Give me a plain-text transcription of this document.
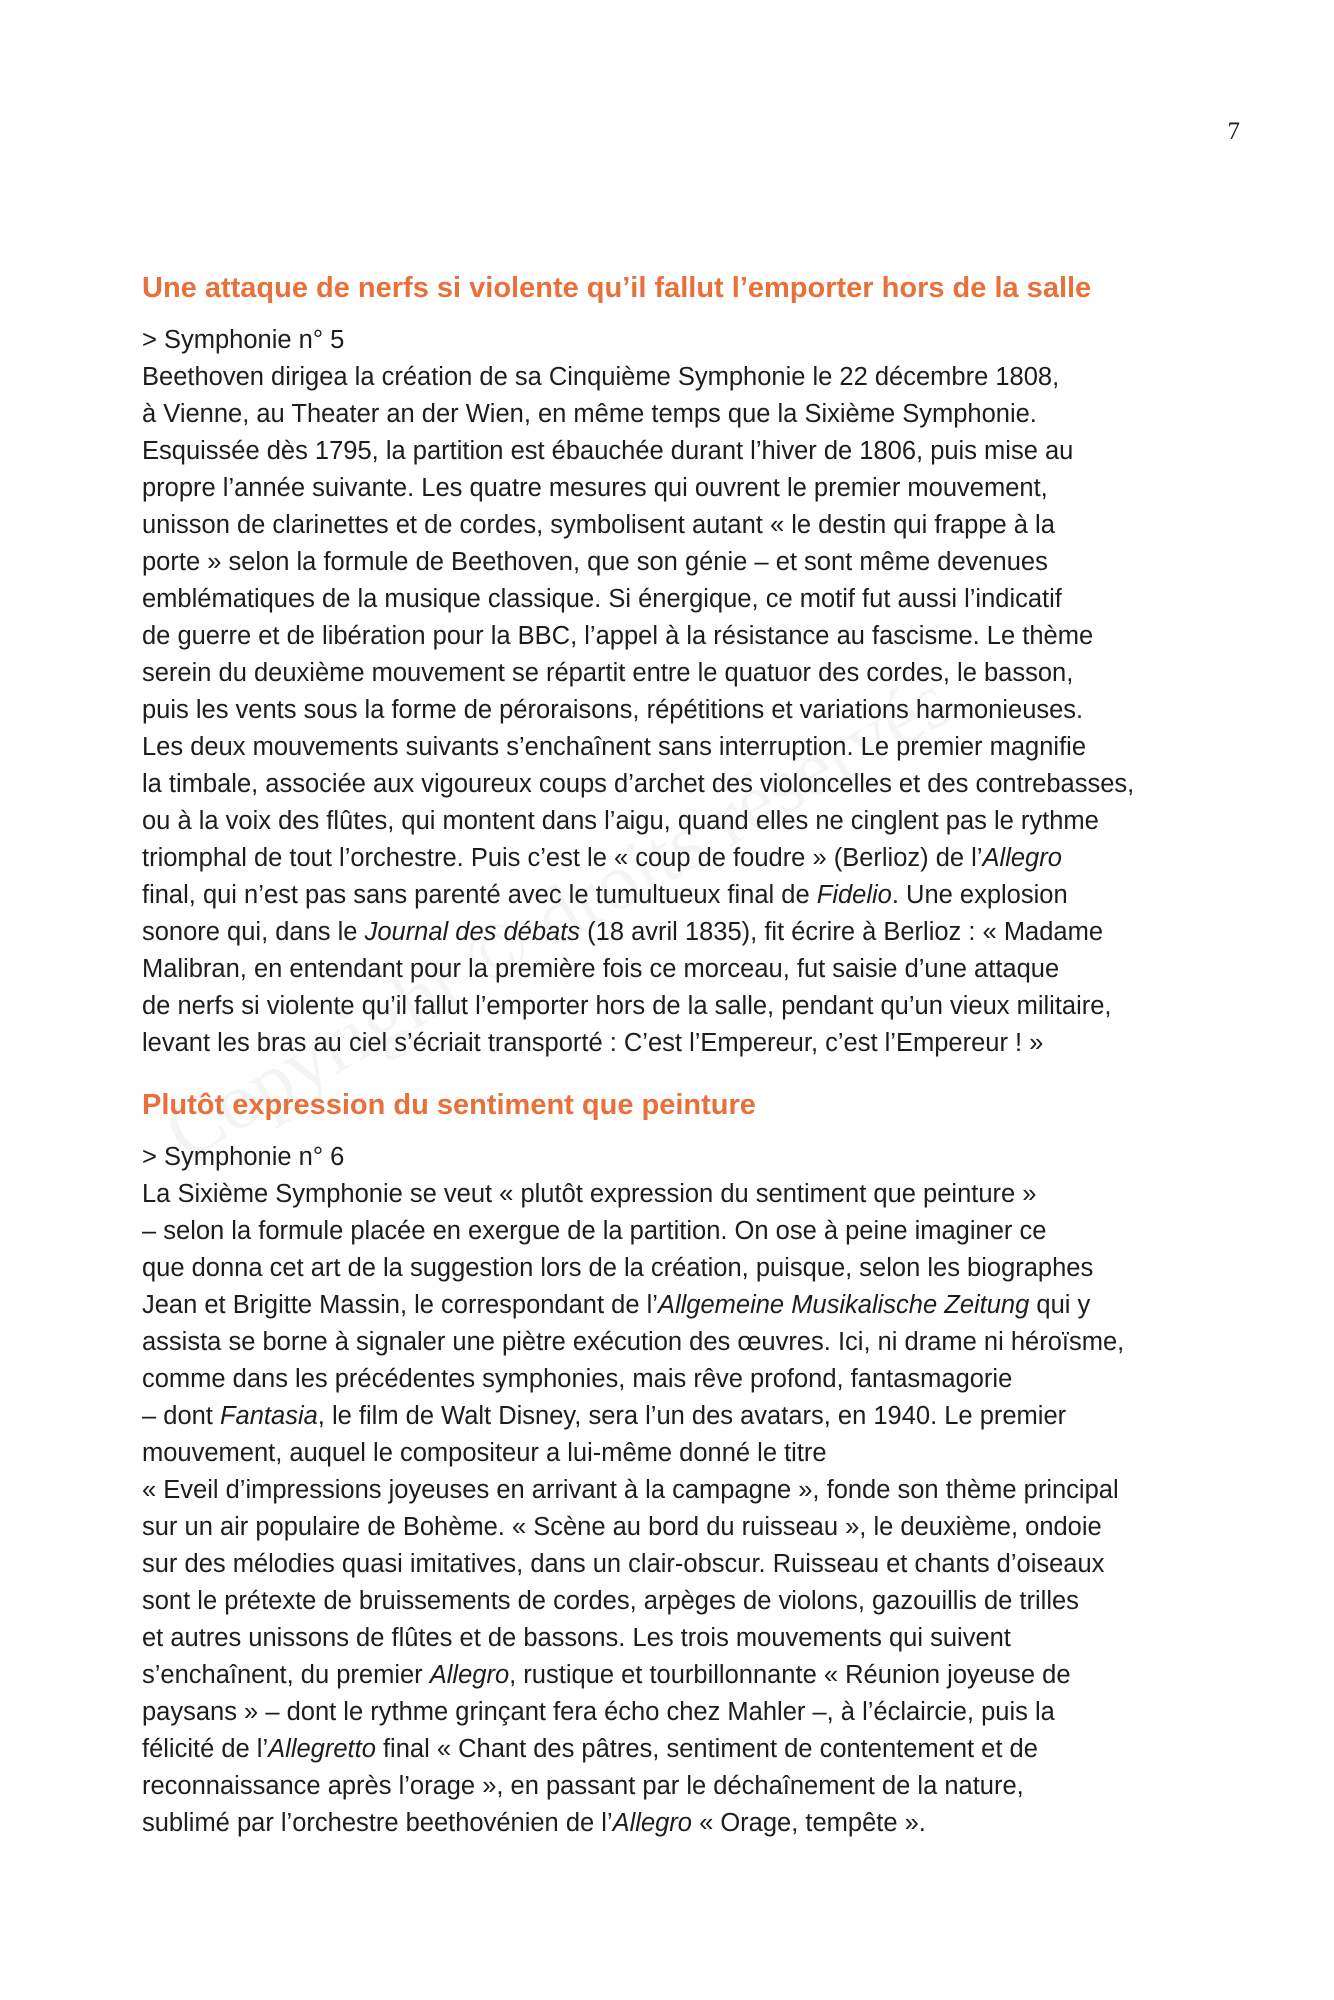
7
Une attaque de nerfs si violente qu’il fallut l’emporter hors de la salle
> Symphonie n° 5
Beethoven dirigea la création de sa Cinquième Symphonie le 22 décembre 1808,
à Vienne, au Theater an der Wien, en même temps que la Sixième Symphonie.
Esquissée dès 1795, la partition est ébauchée durant l’hiver de 1806, puis mise au
propre l’année suivante. Les quatre mesures qui ouvrent le premier mouvement,
unisson de clarinettes et de cordes, symbolisent autant « le destin qui frappe à la
porte » selon la formule de Beethoven, que son génie – et sont même devenues
emblématiques de la musique classique. Si énergique, ce motif fut aussi l’indicatif
de guerre et de libération pour la BBC, l’appel à la résistance au fascisme. Le thème
serein du deuxième mouvement se répartit entre le quatuor des cordes, le basson,
puis les vents sous la forme de péroraisons, répétitions et variations harmonieuses.
Les deux mouvements suivants s’enchaînent sans interruption. Le premier magnifie
la timbale, associée aux vigoureux coups d’archet des violoncelles et des contrebasses,
ou à la voix des flûtes, qui montent dans l’aigu, quand elles ne cinglent pas le rythme
triomphal de tout l’orchestre. Puis c’est le « coup de foudre » (Berlioz) de l’Allegro
final, qui n’est pas sans parenté avec le tumultueux final de Fidelio. Une explosion
sonore qui, dans le Journal des débats (18 avril 1835), fit écrire à Berlioz : « Madame
Malibran, en entendant pour la première fois ce morceau, fut saisie d’une attaque
de nerfs si violente qu’il fallut l’emporter hors de la salle, pendant qu’un vieux militaire,
levant les bras au ciel s’écriait transporté : C’est l’Empereur, c’est l’Empereur ! »
Plutôt expression du sentiment que peinture
> Symphonie n° 6
La Sixième Symphonie se veut « plutôt expression du sentiment que peinture »
– selon la formule placée en exergue de la partition. On ose à peine imaginer ce
que donna cet art de la suggestion lors de la création, puisque, selon les biographes
Jean et Brigitte Massin, le correspondant de l’Allgemeine Musikalische Zeitung qui y
assista se borne à signaler une piètre exécution des œuvres. Ici, ni drame ni héroïsme,
comme dans les précédentes symphonies, mais rêve profond, fantasmagorie
– dont Fantasia, le film de Walt Disney, sera l’un des avatars, en 1940. Le premier
mouvement, auquel le compositeur a lui-même donné le titre
« Eveil d’impressions joyeuses en arrivant à la campagne », fonde son thème principal
sur un air populaire de Bohème. « Scène au bord du ruisseau », le deuxième, ondoie
sur des mélodies quasi imitatives, dans un clair-obscur. Ruisseau et chants d’oiseaux
sont le prétexte de bruissements de cordes, arpèges de violons, gazouillis de trilles
et autres unissons de flûtes et de bassons. Les trois mouvements qui suivent
s’enchaînent, du premier Allegro, rustique et tourbillonnante « Réunion joyeuse de
paysans » – dont le rythme grinçant fera écho chez Mahler –, à l’éclaircie, puis la
félicité de l’Allegretto final « Chant des pâtres, sentiment de contentement et de
reconnaissance après l’orage », en passant par le déchaînement de la nature,
sublimé par l’orchestre beethovénien de l’Allegro « Orage, tempête ».
